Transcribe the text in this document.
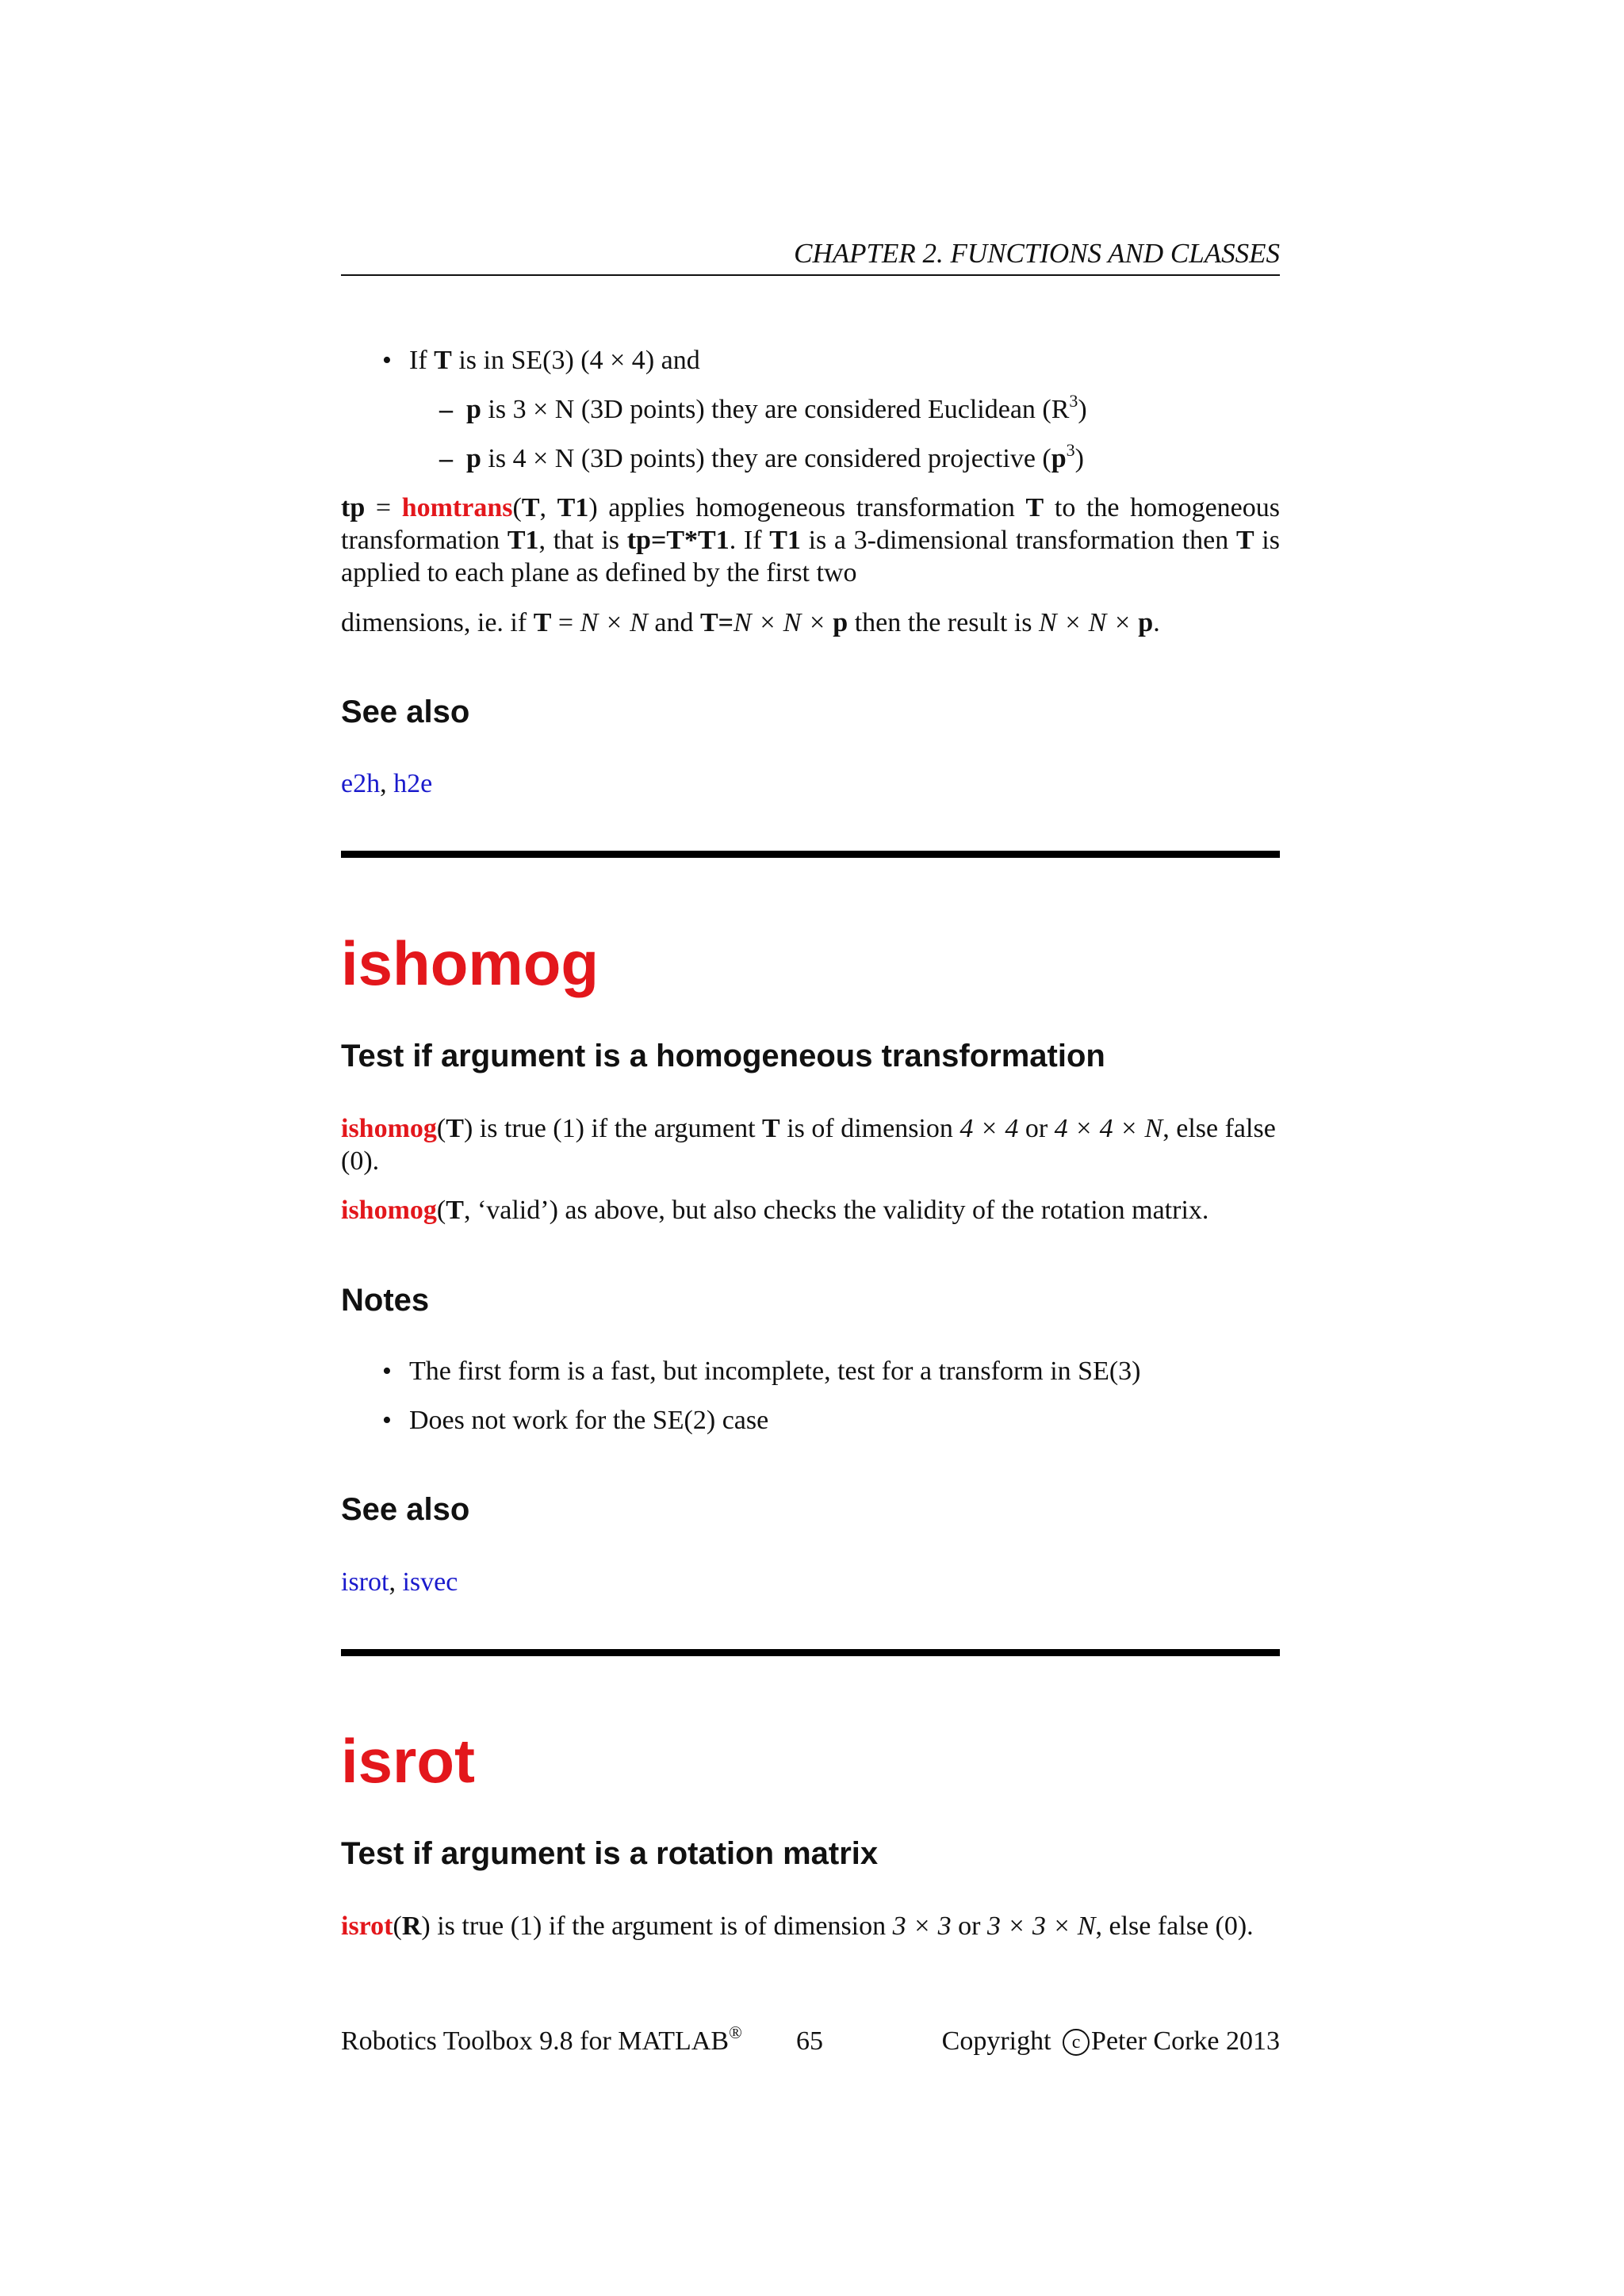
CHAPTER 2. FUNCTIONS AND CLASSES
• If T is in SE(3) (4 × 4) and
– p is 3 × N (3D points) they are considered Euclidean $(R^3)$
– p is 4 × N (3D points) they are considered projective $(p^3)$
tp = homtrans(T, T1) applies homogeneous transformation T to the homogeneous transformation T1, that is tp=T*T1. If T1 is a 3-dimensional transformation then T is applied to each plane as defined by the first two
dimensions, ie. if T = N × N and T=N × N × p then the result is N × N × p.
See also
e2h, h2e
ishomog
Test if argument is a homogeneous transformation
ishomog(T) is true (1) if the argument T is of dimension 4 × 4 or 4 × 4 × N, else false (0).
ishomog(T, ‘valid’) as above, but also checks the validity of the rotation matrix.
Notes
• The first form is a fast, but incomplete, test for a transform in SE(3)
• Does not work for the SE(2) case
See also
isrot, isvec
isrot
Test if argument is a rotation matrix
isrot(R) is true (1) if the argument is of dimension 3 × 3 or 3 × 3 × N, else false (0).
Robotics Toolbox 9.8 for MATLAB® 65	Copyright c Peter Corke 2013
